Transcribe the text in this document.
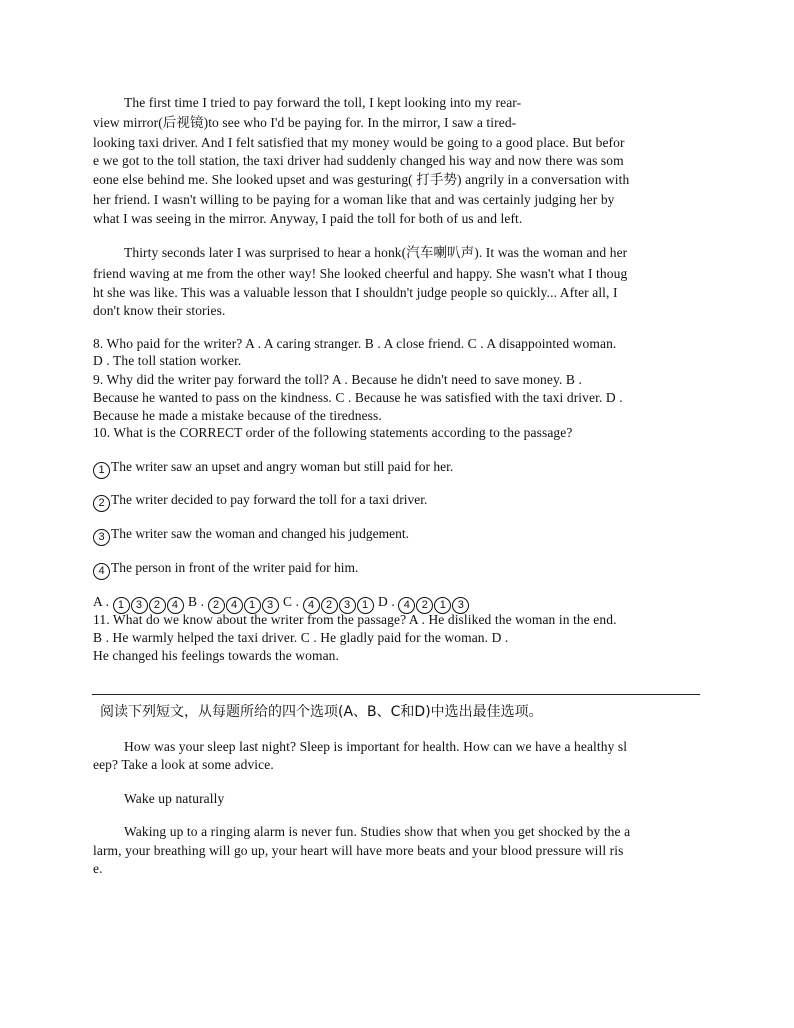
The first time I tried to pay forward the toll, I kept looking into my rear-
view mirror(后视镜)to see who I'd be paying for. In the mirror, I saw a tired-
looking taxi driver. And I felt satisfied that my money would be going to a good place. But befor
e we got to the toll station, the taxi driver had suddenly changed his way and now there was som
eone else behind me. She looked upset and was gesturing( 打手势) angrily in a conversation with
her friend. I wasn't willing to be paying for a woman like that and was certainly judging her by
what I was seeing in the mirror. Anyway, I paid the toll for both of us and left.
Thirty seconds later I was surprised to hear a honk(汽车喇叭声). It was the woman and her
friend waving at me from the other way! She looked cheerful and happy. She wasn't what I thoug
ht she was like. This was a valuable lesson that I shouldn't judge people so quickly... After all, I
don't know their stories.
8. Who paid for the writer? A . A caring stranger. B . A close friend. C . A disappointed woman.
D . The toll station worker.
9. Why did the writer pay forward the toll? A . Because he didn't need to save money. B .
Because he wanted to pass on the kindness. C . Because he was satisfied with the taxi driver. D .
Because he made a mistake because of the tiredness.
10. What is the CORRECT order of the following statements according to the passage?
1 The writer saw an upset and angry woman but still paid for her.
2 The writer decided to pay forward the toll for a taxi driver.
3 The writer saw the woman and changed his judgement.
4 The person in front of the writer paid for him.
A . 1 3 2 4 B . 2 4 1 3 C . 4 2 3 1 D . 4 2 1 3
11. What do we know about the writer from the passage? A . He disliked the woman in the end.
B . He warmly helped the taxi driver. C . He gladly paid for the woman. D .
He changed his feelings towards the woman.
阅读下列短文，从每题所给的四个选项(A、B、C和D)中选出最佳选项。
How was your sleep last night? Sleep is important for health. How can we have a healthy sl
eep? Take a look at some advice.
Wake up naturally
Waking up to a ringing alarm is never fun. Studies show that when you get shocked by the a
larm, your breathing will go up, your heart will have more beats and your blood pressure will ris
e.
